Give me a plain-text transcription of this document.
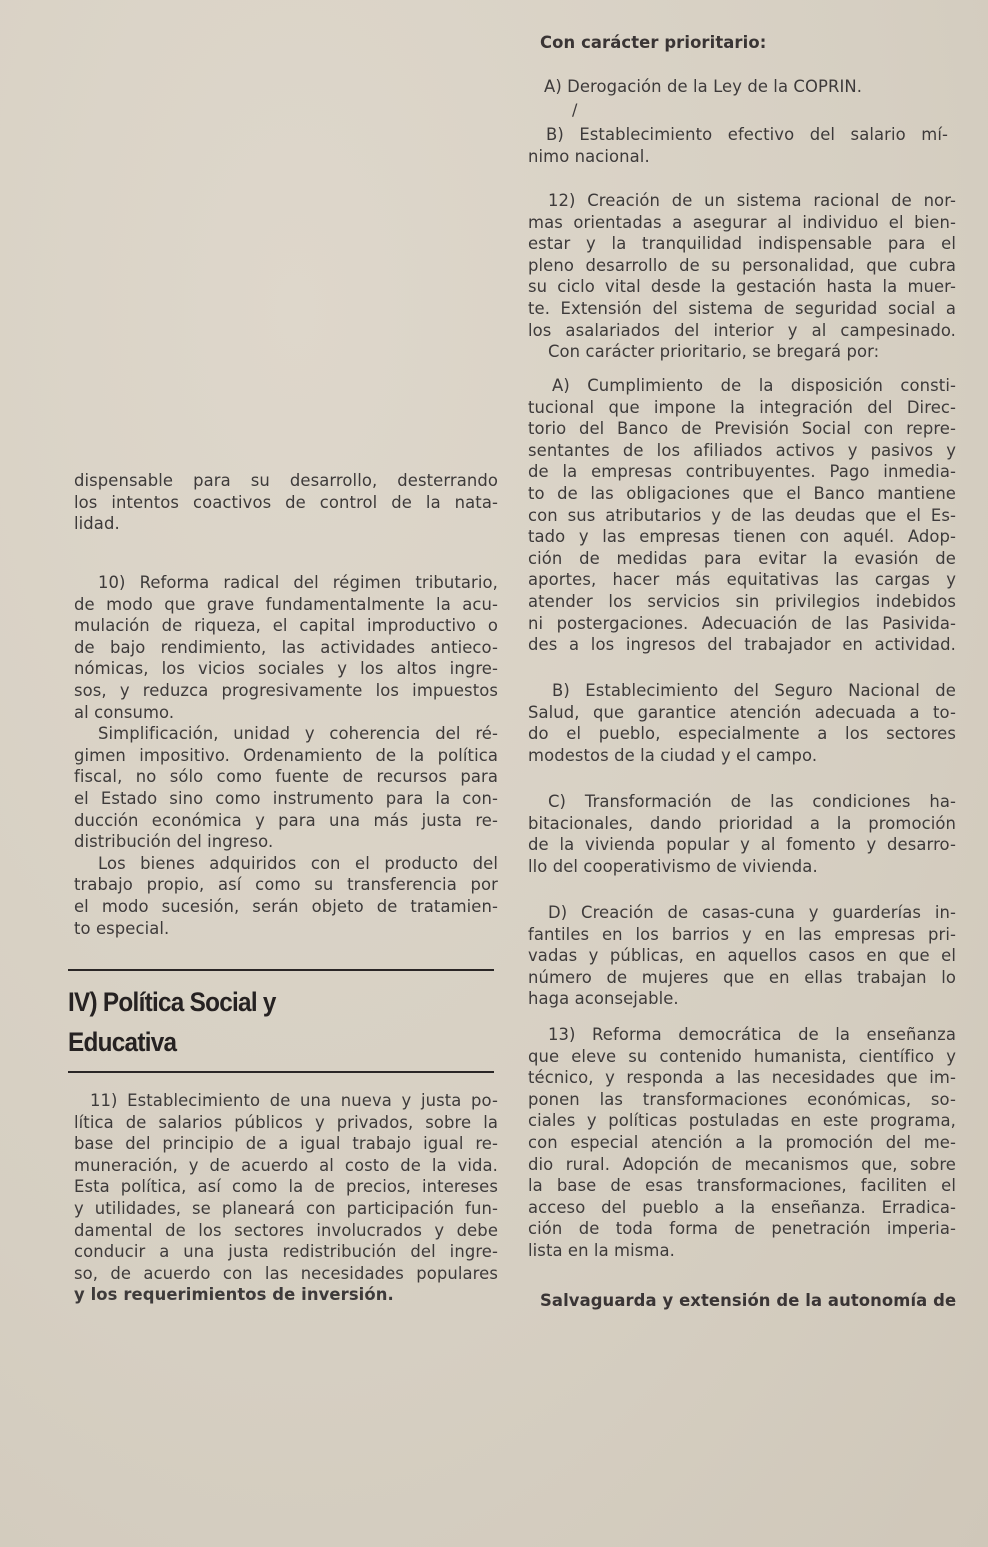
dispensable para su desarrollo, desterrando
los intentos coactivos de control de la nata-
lidad.
10) Reforma radical del régimen tributario,
de modo que grave fundamentalmente la acu-
mulación de riqueza, el capital improductivo o
de bajo rendimiento, las actividades antieco-
nómicas, los vicios sociales y los altos ingre-
sos, y reduzca progresivamente los impuestos
al consumo.
Simplificación, unidad y coherencia del ré-
gimen impositivo. Ordenamiento de la política
fiscal, no sólo como fuente de recursos para
el Estado sino como instrumento para la con-
ducción económica y para una más justa re-
distribución del ingreso.
Los bienes adquiridos con el producto del
trabajo propio, así como su transferencia por
el modo sucesión, serán objeto de tratamien-
to especial.
IV) Política Social y
Educativa
11) Establecimiento de una nueva y justa po-
lítica de salarios públicos y privados, sobre la
base del principio de a igual trabajo igual re-
muneración, y de acuerdo al costo de la vida.
Esta política, así como la de precios, intereses
y utilidades, se planeará con participación fun-
damental de los sectores involucrados y debe
conducir a una justa redistribución del ingre-
so, de acuerdo con las necesidades populares
y los requerimientos de inversión.
Con carácter prioritario:
A) Derogación de la Ley de la COPRIN.
/
B) Establecimiento efectivo del salario mí-
nimo nacional.
12) Creación de un sistema racional de nor-
mas orientadas a asegurar al individuo el bien-
estar y la tranquilidad indispensable para el
pleno desarrollo de su personalidad, que cubra
su ciclo vital desde la gestación hasta la muer-
te. Extensión del sistema de seguridad social a
los asalariados del interior y al campesinado.
Con carácter prioritario, se bregará por:
A) Cumplimiento de la disposición consti-
tucional que impone la integración del Direc-
torio del Banco de Previsión Social con repre-
sentantes de los afiliados activos y pasivos y
de la empresas contribuyentes. Pago inmedia-
to de las obligaciones que el Banco mantiene
con sus atributarios y de las deudas que el Es-
tado y las empresas tienen con aquél. Adop-
ción de medidas para evitar la evasión de
aportes, hacer más equitativas las cargas y
atender los servicios sin privilegios indebidos
ni postergaciones. Adecuación de las Pasivida-
des a los ingresos del trabajador en actividad.
B) Establecimiento del Seguro Nacional de
Salud, que garantice atención adecuada a to-
do el pueblo, especialmente a los sectores
modestos de la ciudad y el campo.
C) Transformación de las condiciones ha-
bitacionales, dando prioridad a la promoción
de la vivienda popular y al fomento y desarro-
llo del cooperativismo de vivienda.
D) Creación de casas-cuna y guarderías in-
fantiles en los barrios y en las empresas pri-
vadas y públicas, en aquellos casos en que el
número de mujeres que en ellas trabajan lo
haga aconsejable.
13) Reforma democrática de la enseñanza
que eleve su contenido humanista, científico y
técnico, y responda a las necesidades que im-
ponen las transformaciones económicas, so-
ciales y políticas postuladas en este programa,
con especial atención a la promoción del me-
dio rural. Adopción de mecanismos que, sobre
la base de esas transformaciones, faciliten el
acceso del pueblo a la enseñanza. Erradica-
ción de toda forma de penetración imperia-
lista en la misma.
Salvaguarda y extensión de la autonomía de
